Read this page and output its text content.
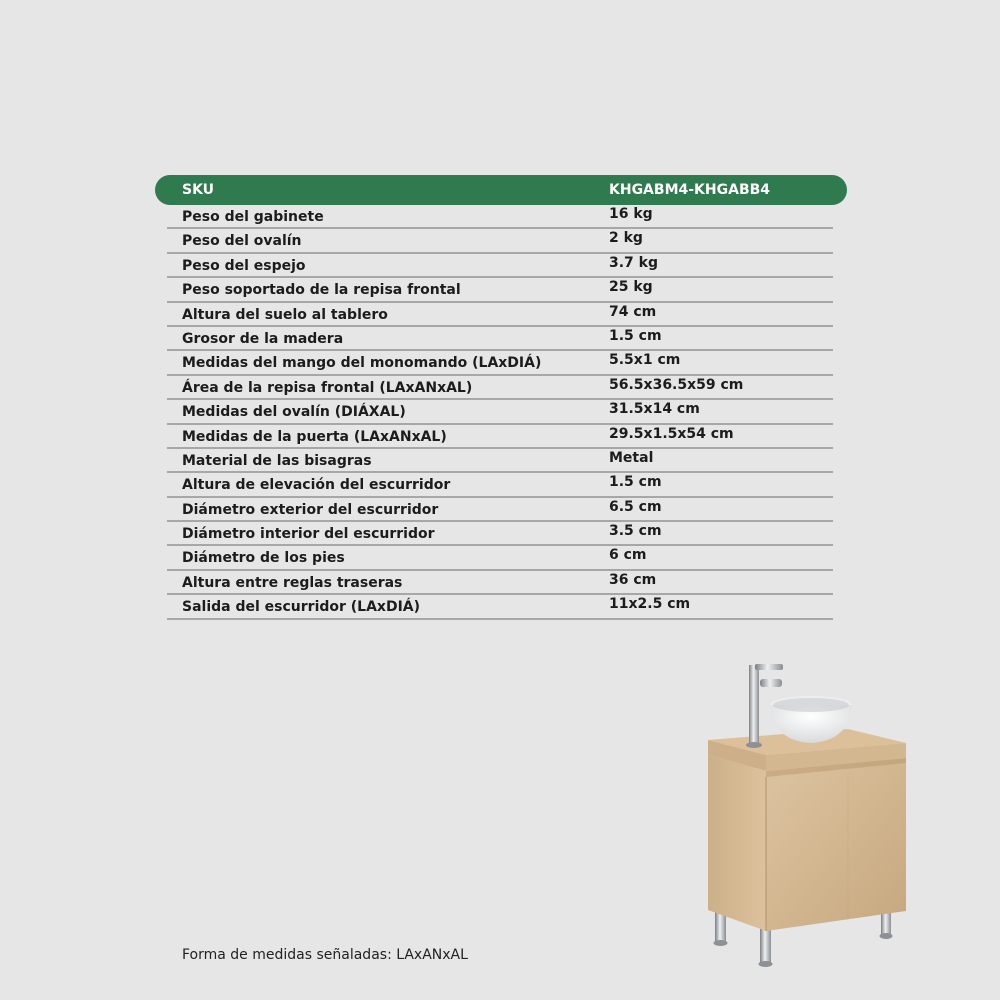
SKU	KHGABM4-KHGABB4
Peso del gabinete	16 kg
Peso del ovalín	2 kg
Peso del espejo	3.7 kg
Peso soportado de la repisa frontal	25 kg
Altura del suelo al tablero	74 cm
Grosor de la madera	1.5 cm
Medidas del mango del monomando (LAxDIÁ)	5.5x1 cm
Área de la repisa frontal (LAxANxAL)	56.5x36.5x59 cm
Medidas del ovalín (DIÁXAL)	31.5x14 cm
Medidas de la puerta (LAxANxAL)	29.5x1.5x54 cm
Material de las bisagras	Metal
Altura de elevación del escurridor	1.5 cm
Diámetro exterior del escurridor	6.5 cm
Diámetro interior del escurridor	3.5 cm
Diámetro de los pies	6 cm
Altura entre reglas traseras	36 cm
Salida del escurridor (LAxDIÁ)	11x2.5 cm
Forma de medidas señaladas: LAxANxAL
